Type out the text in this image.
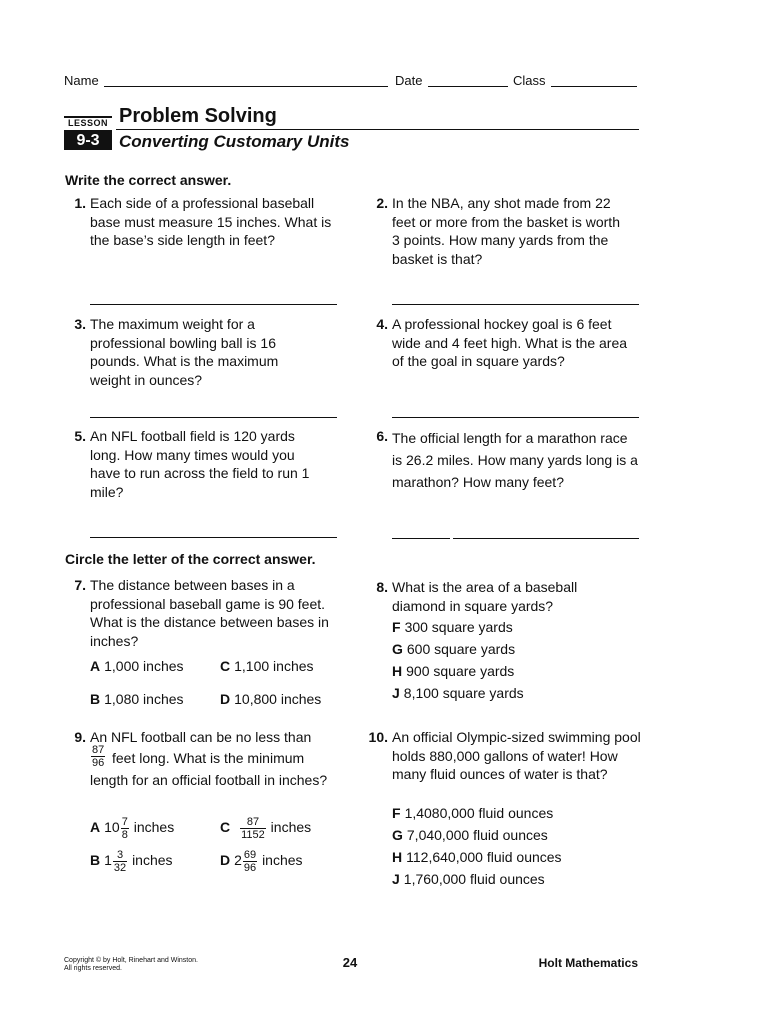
Name	Date	Class
LESSON
9-3
Problem Solving
Converting Customary Units
Write the correct answer.
1. Each side of a professional baseball base must measure 15 inches. What is the base’s side length in feet?
2. In the NBA, any shot made from 22 feet or more from the basket is worth 3 points. How many yards from the basket is that?
3. The maximum weight for a professional bowling ball is 16 pounds. What is the maximum weight in ounces?
4. A professional hockey goal is 6 feet wide and 4 feet high. What is the area of the goal in square yards?
5. An NFL football field is 120 yards long. How many times would you have to run across the field to run 1 mile?
6. The official length for a marathon race is 26.2 miles. How many yards long is a marathon? How many feet?
Circle the letter of the correct answer.
7. The distance between bases in a professional baseball game is 90 feet. What is the distance between bases in inches?
A 1,000 inches
B 1,080 inches
C 1,100 inches
D 10,800 inches
8. What is the area of a baseball diamond in square yards?
F 300 square yards
G 600 square yards
H 900 square yards
J 8,100 square yards
9. An NFL football can be no less than
$\frac{87}{96}$ feet long. What is the minimum length for an official football in inches?
A $10 \frac{7}{8}$ inches
B $1 \frac{3}{32}$ inches
C $\frac{87}{1152}$ inches
D $2 \frac{69}{96}$ inches
10. An official Olympic-sized swimming pool holds 880,000 gallons of water! How many fluid ounces of water is that?
F 1,4080,000 fluid ounces
G 7,040,000 fluid ounces
H 112,640,000 fluid ounces
J 1,760,000 fluid ounces
Copyright © by Holt, Rinehart and Winston.
All rights reserved.	24	Holt Mathematics
